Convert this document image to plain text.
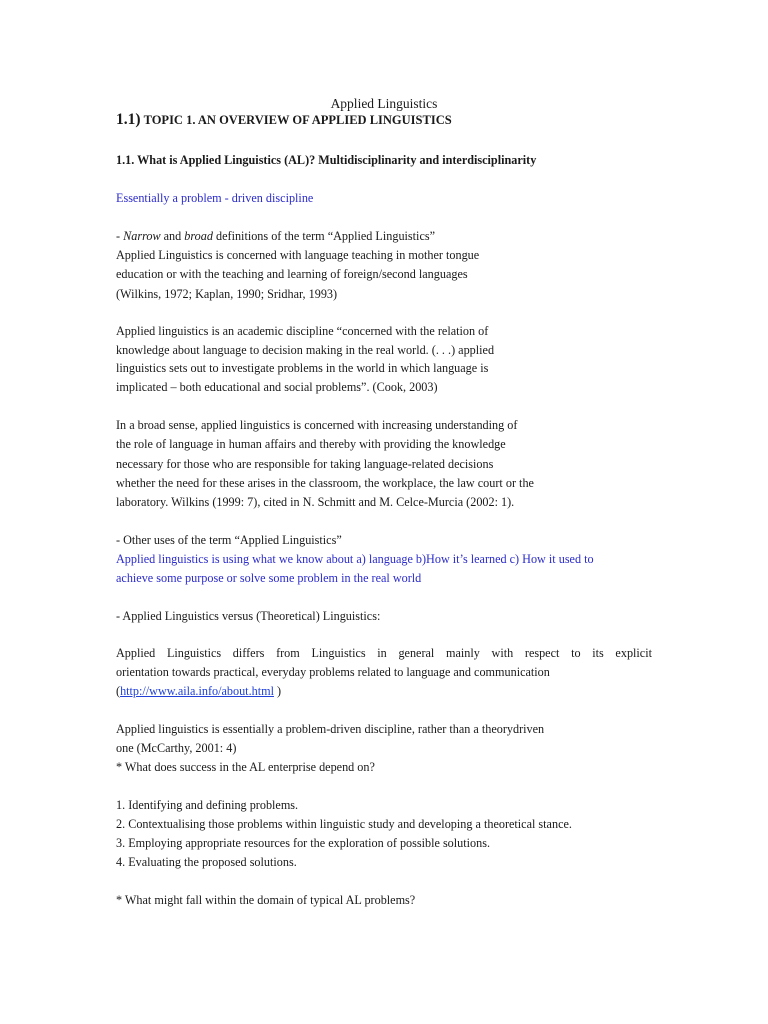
Applied Linguistics

1.1) TOPIC 1. AN OVERVIEW OF APPLIED LINGUISTICS

1.1. What is Applied Linguistics (AL)? Multidisciplinarity and interdisciplinarity

Essentially a problem - driven discipline

- Narrow and broad definitions of the term “Applied Linguistics”

Applied Linguistics is concerned with language teaching in mother tongue

education or with the teaching and learning of foreign/second languages

(Wilkins, 1972; Kaplan, 1990; Sridhar, 1993)

Applied linguistics is an academic discipline “concerned with the relation of

knowledge about language to decision making in the real world. (. . .) applied

linguistics sets out to investigate problems in the world in which language is

implicated – both educational and social problems”. (Cook, 2003)

In a broad sense, applied linguistics is concerned with increasing understanding of

the role of language in human affairs and thereby with providing the knowledge

necessary for those who are responsible for taking language-related decisions

whether the need for these arises in the classroom, the workplace, the law court or the

laboratory. Wilkins (1999: 7), cited in N. Schmitt and M. Celce-Murcia (2002: 1).

- Other uses of the term “Applied Linguistics”

Applied linguistics is using what we know about a) language b)How it’s learned c) How it used to

achieve some purpose or solve some problem in the real world

- Applied Linguistics versus (Theoretical) Linguistics:

Applied Linguistics differs from Linguistics in general mainly with respect to its explicit

orientation towards practical, everyday problems related to language and communication

(http://www.aila.info/about.html )

Applied linguistics is essentially a problem-driven discipline, rather than a theorydriven

one (McCarthy, 2001: 4)

* What does success in the AL enterprise depend on?

1. Identifying and defining problems.

2. Contextualising those problems within linguistic study and developing a theoretical stance.

3. Employing appropriate resources for the exploration of possible solutions.

4. Evaluating the proposed solutions.

* What might fall within the domain of typical AL problems?
